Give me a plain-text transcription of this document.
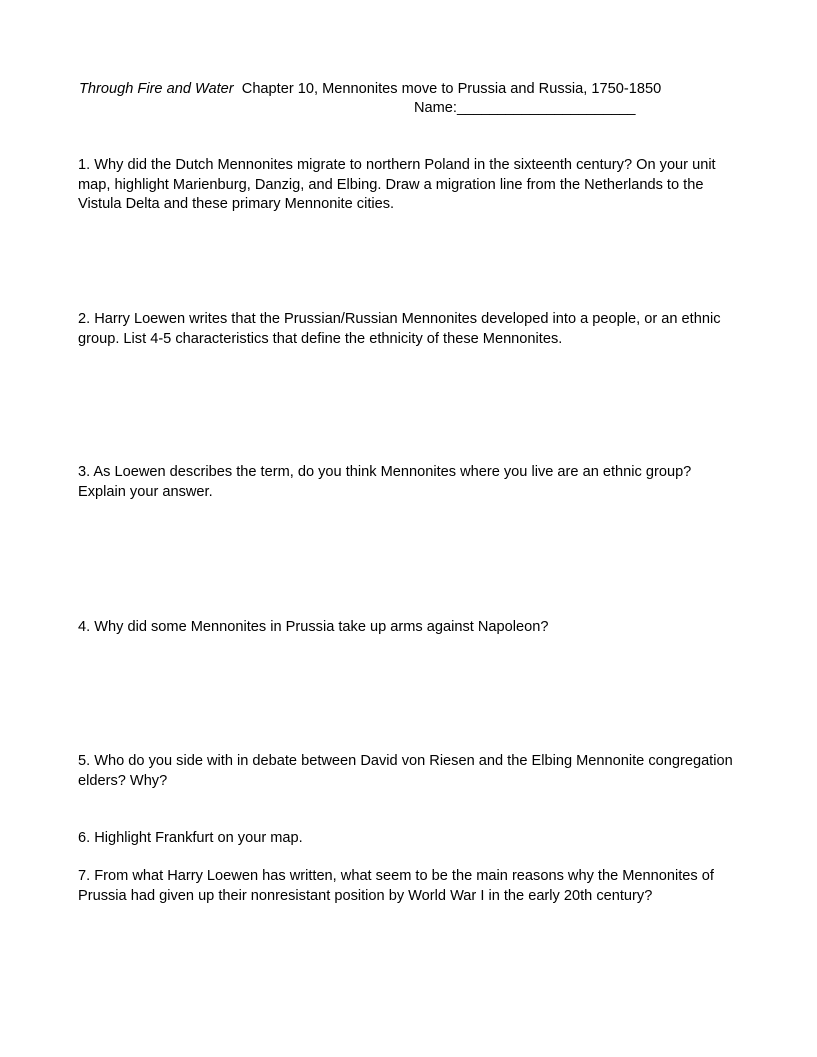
Through Fire and Water Chapter 10, Mennonites move to Prussia and Russia, 1750-1850
Name:______________________

1. Why did the Dutch Mennonites migrate to northern Poland in the sixteenth century? On your unit map, highlight Marienburg, Danzig, and Elbing. Draw a migration line from the Netherlands to the Vistula Delta and these primary Mennonite cities.

2. Harry Loewen writes that the Prussian/Russian Mennonites developed into a people, or an ethnic group. List 4-5 characteristics that define the ethnicity of these Mennonites.

3. As Loewen describes the term, do you think Mennonites where you live are an ethnic group? Explain your answer.

4. Why did some Mennonites in Prussia take up arms against Napoleon?

5. Who do you side with in debate between David von Riesen and the Elbing Mennonite congregation elders? Why?

6. Highlight Frankfurt on your map.

7. From what Harry Loewen has written, what seem to be the main reasons why the Mennonites of Prussia had given up their nonresistant position by World War I in the early 20th century?
